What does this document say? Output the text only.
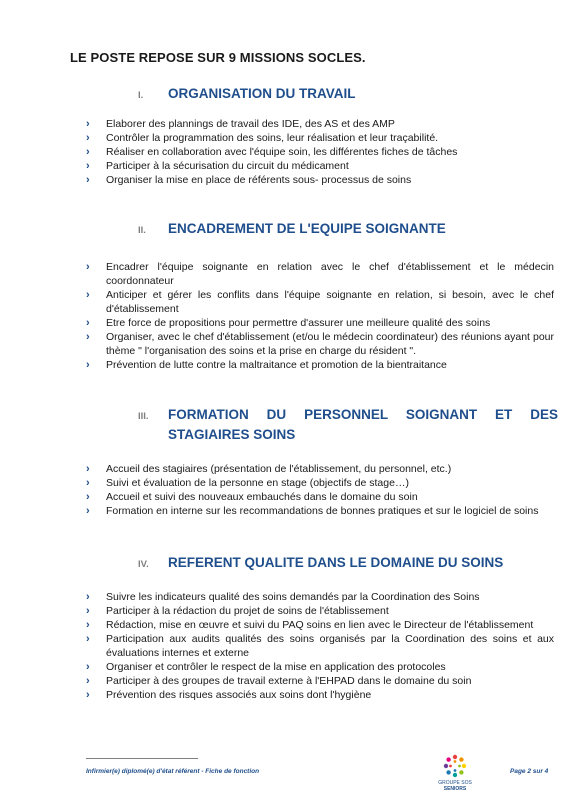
LE POSTE REPOSE SUR 9 MISSIONS SOCLES.
I.	ORGANISATION DU TRAVAIL
› Elaborer des plannings de travail des IDE, des AS et des AMP
› Contrôler la programmation des soins, leur réalisation et leur traçabilité.
› Réaliser en collaboration avec l'équipe soin, les différentes fiches de tâches
› Participer à la sécurisation du circuit du médicament
› Organiser la mise en place de référents sous- processus de soins
II.	ENCADREMENT DE L'EQUIPE SOIGNANTE
› Encadrer l'équipe soignante en relation avec le chef d'établissement et le médecin coordonnateur
› Anticiper et gérer les conflits dans l'équipe soignante en relation, si besoin, avec le chef d'établissement
› Etre force de propositions pour permettre d'assurer une meilleure qualité des soins
› Organiser, avec le chef d'établissement (et/ou le médecin coordinateur) des réunions ayant pour thème " l'organisation des soins et la prise en charge du résident ".
› Prévention de lutte contre la maltraitance et promotion de la bientraitance
III.	FORMATION DU PERSONNEL SOIGNANT ET DES STAGIAIRES SOINS
› Accueil des stagiaires (présentation de l'établissement, du personnel, etc.)
› Suivi et évaluation de la personne en stage (objectifs de stage…)
› Accueil et suivi des nouveaux embauchés dans le domaine du soin
› Formation en interne sur les recommandations de bonnes pratiques et sur le logiciel de soins
IV.	REFERENT QUALITE DANS LE DOMAINE DU SOINS
› Suivre les indicateurs qualité des soins demandés par la Coordination des Soins
› Participer à la rédaction du projet de soins de l'établissement
› Rédaction, mise en œuvre et suivi du PAQ soins en lien avec le Directeur de l'établissement
› Participation aux audits qualités des soins organisés par la Coordination des soins et aux évaluations internes et externe
› Organiser et contrôler le respect de la mise en application des protocoles
› Participer à des groupes de travail externe à l'EHPAD dans le domaine du soin
› Prévention des risques associés aux soins dont l'hygiène
Infirmier(e) diplomé(e) d'état référent - Fiche de fonction
GROUPE SOS
SENIORS
Page 2 sur 4
